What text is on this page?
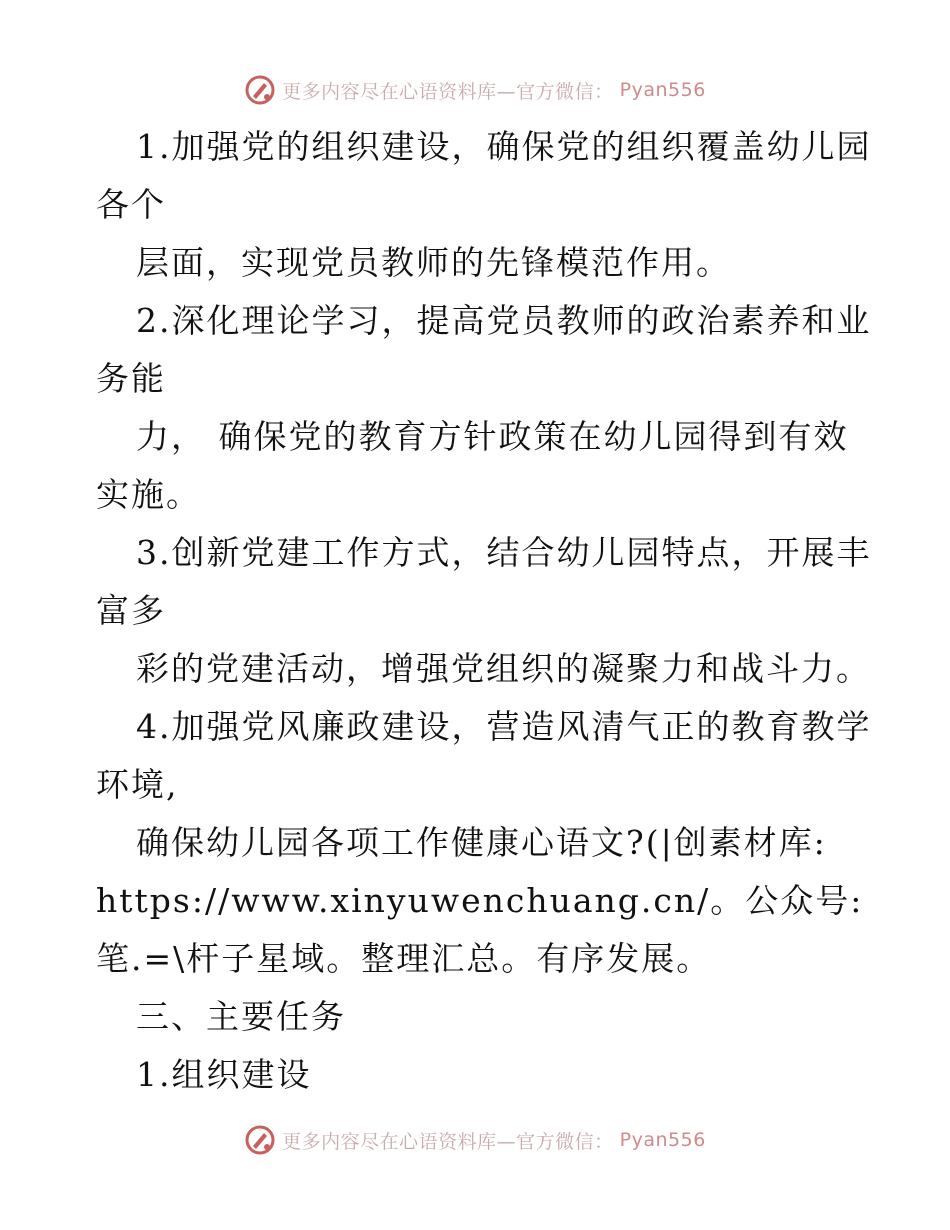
更多内容尽在心语资料库—官方微信： Pyan556
1.加强党的组织建设，确保党的组织覆盖幼儿园
各个
层面，实现党员教师的先锋模范作用。
2.深化理论学习，提高党员教师的政治素养和业
务能
力， 确保党的教育方针政策在幼儿园得到有效
实施。
3.创新党建工作方式，结合幼儿园特点，开展丰
富多
彩的党建活动，增强党组织的凝聚力和战斗力。
4.加强党风廉政建设，营造风清气正的教育教学
环境,
确保幼儿园各项工作健康心语文?(|创素材库:
https://www.xinyuwenchuang.cn/。公众号:
笔.=\杆子星域。整理汇总。有序发展。
三、主要任务
1.组织建设
更多内容尽在心语资料库—官方微信： Pyan556
